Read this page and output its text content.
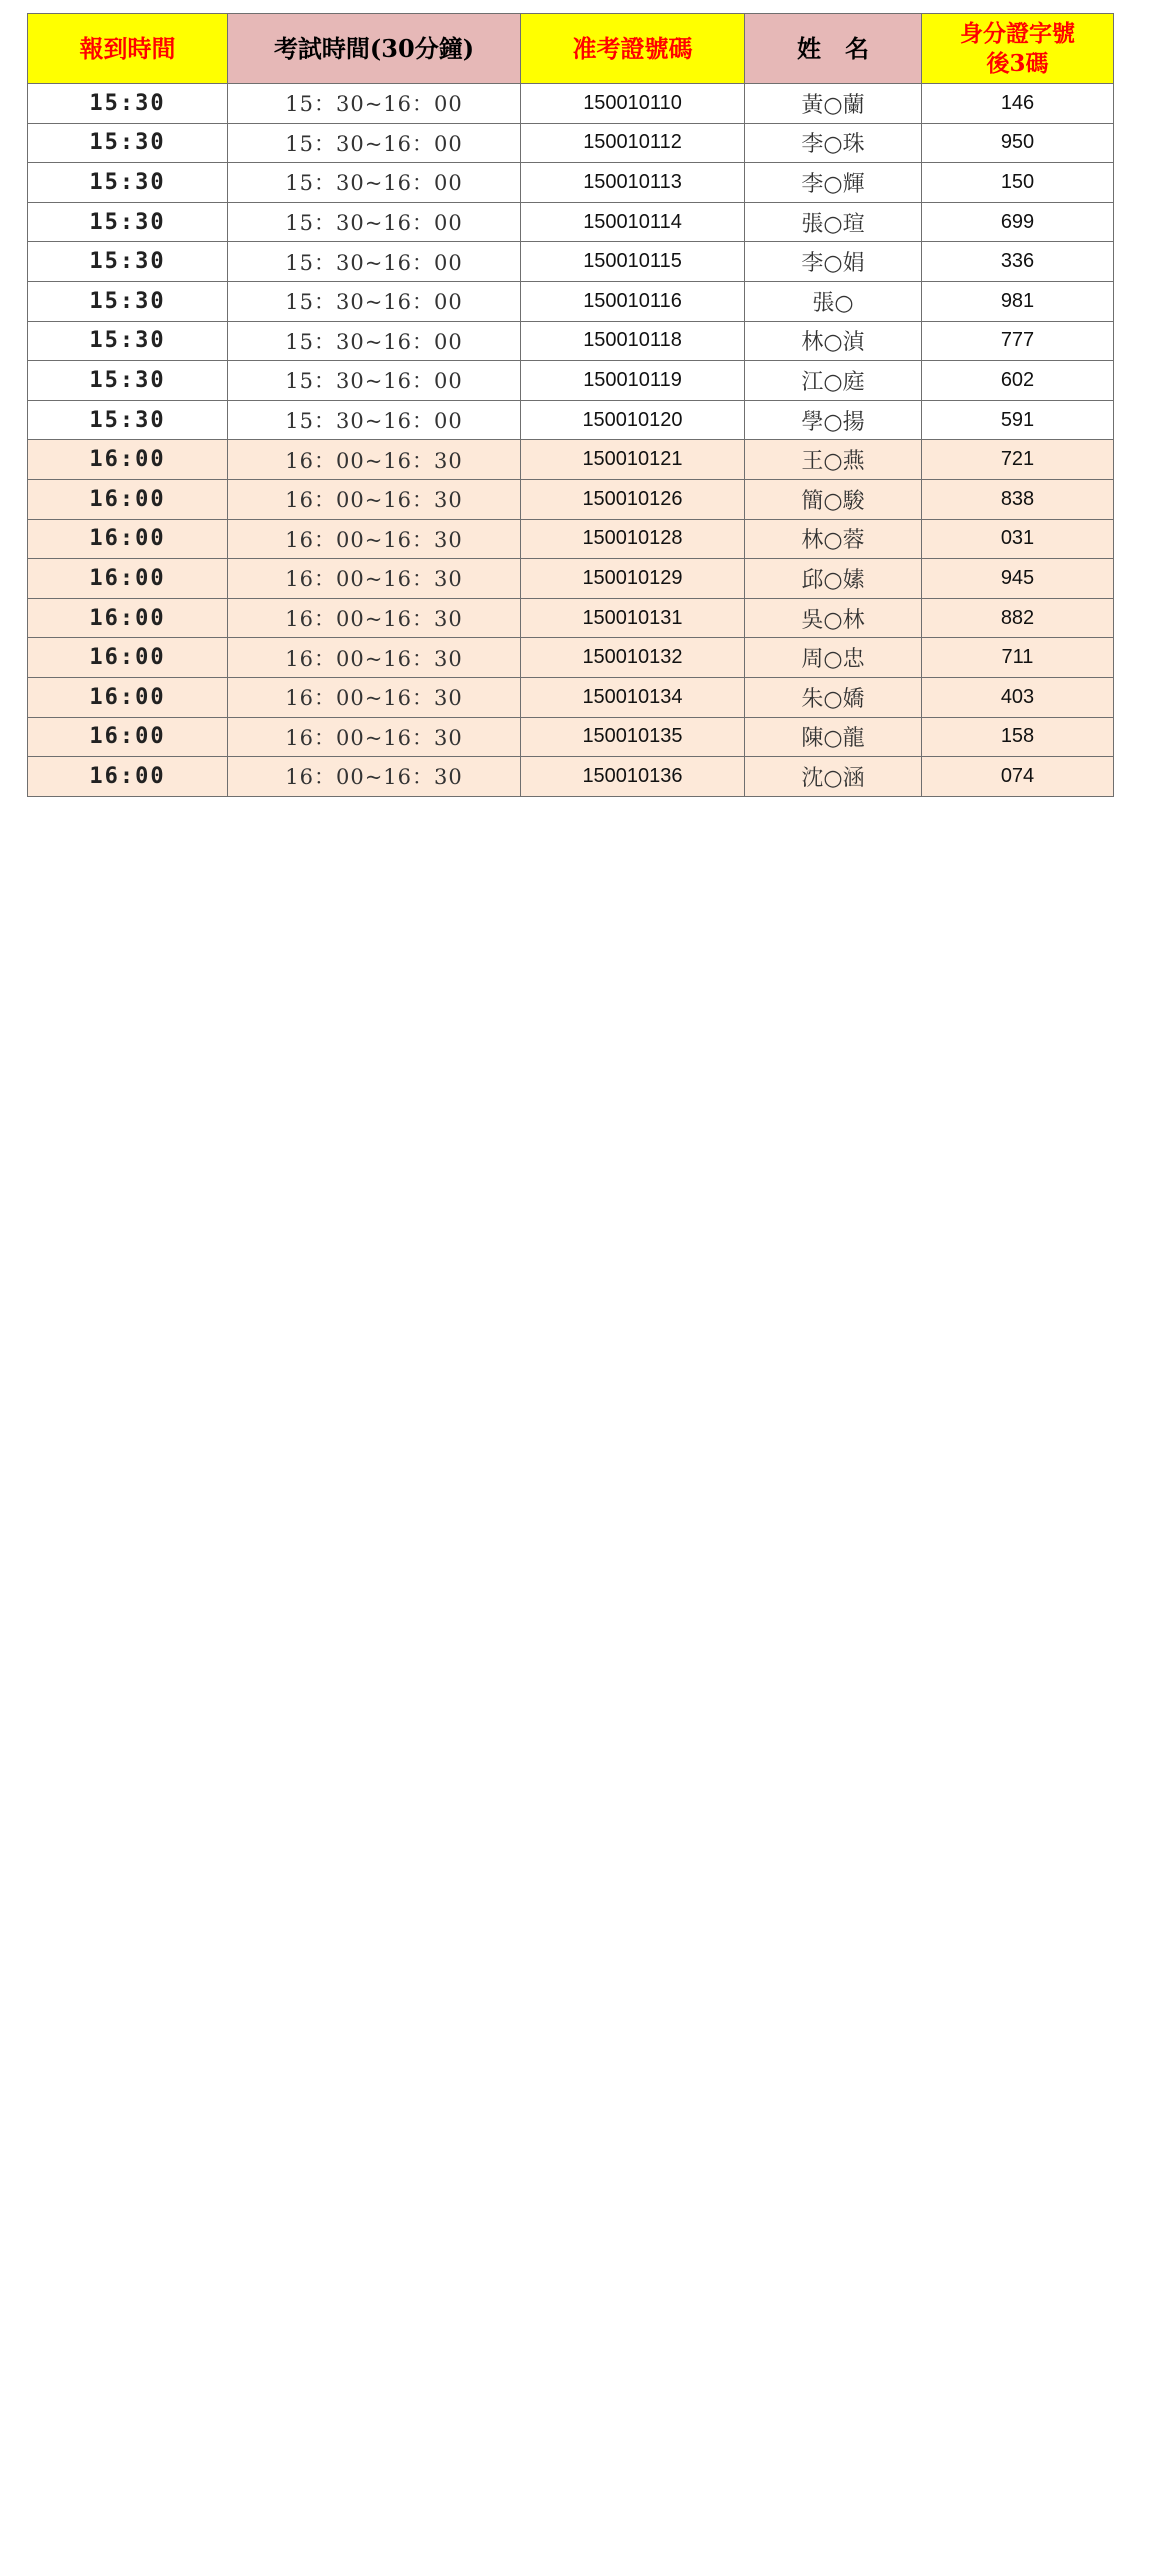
報到時間	考試時間(30分鐘)	准考證號碼	姓　名	身分證字號
後3碼

15:30	15：30~16：00	150010110	黃○蘭	146
15:30	15：30~16：00	150010112	李○珠	950
15:30	15：30~16：00	150010113	李○輝	150
15:30	15：30~16：00	150010114	張○瑄	699
15:30	15：30~16：00	150010115	李○娟	336
15:30	15：30~16：00	150010116	張○	981
15:30	15：30~16：00	150010118	林○湞	777
15:30	15：30~16：00	150010119	江○庭	602
15:30	15：30~16：00	150010120	學○揚	591
16:00	16：00~16：30	150010121	王○燕	721
16:00	16：00~16：30	150010126	簡○駿	838
16:00	16：00~16：30	150010128	林○蓉	031
16:00	16：00~16：30	150010129	邱○嫊	945
16:00	16：00~16：30	150010131	吳○林	882
16:00	16：00~16：30	150010132	周○忠	711
16:00	16：00~16：30	150010134	朱○嬌	403
16:00	16：00~16：30	150010135	陳○龍	158
16:00	16：00~16：30	150010136	沈○涵	074
